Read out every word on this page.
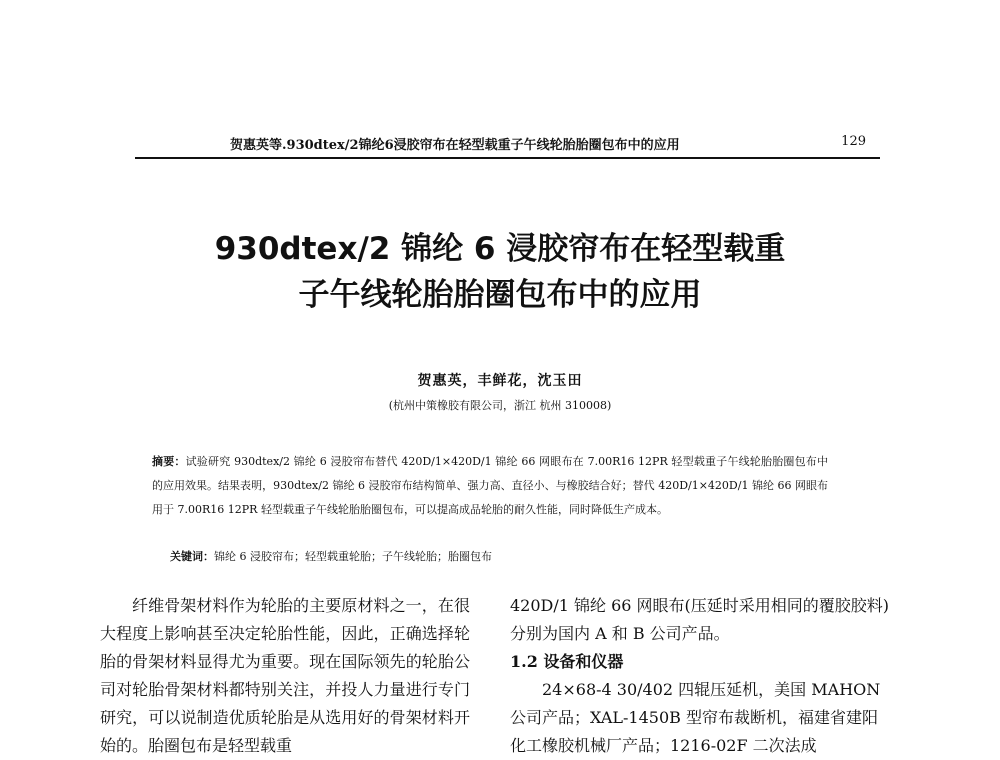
贺惠英等.930dtex/2锦纶6浸胶帘布在轻型载重子午线轮胎胎圈包布中的应用	129
930dtex/2 锦纶 6 浸胶帘布在轻型载重
子午线轮胎胎圈包布中的应用
贺惠英，丰鲜花，沈玉田
(杭州中策橡胶有限公司，浙江 杭州 310008)
摘要：试验研究 930dtex/2 锦纶 6 浸胶帘布替代 420D/1×420D/1 锦纶 66 网眼布在 7.00R16 12PR 轻型载重子午线轮胎胎圈包布中的应用效果。结果表明，930dtex/2 锦纶 6 浸胶帘布结构简单、强力高、直径小、与橡胶结合好；替代 420D/1×420D/1 锦纶 66 网眼布用于 7.00R16 12PR 轻型载重子午线轮胎胎圈包布，可以提高成品轮胎的耐久性能，同时降低生产成本。
关键词：锦纶 6 浸胶帘布；轻型载重轮胎；子午线轮胎；胎圈包布

纤维骨架材料作为轮胎的主要原材料之一，在很大程度上影响甚至决定轮胎性能，因此，正确选择轮胎的骨架材料显得尤为重要。现在国际领先的轮胎公司对轮胎骨架材料都特别关注，并投人力量进行专门研究，可以说制造优质轮胎是从选用好的骨架材料开始的。胎圈包布是轻型载重

420D/1 锦纶 66 网眼布(压延时采用相同的覆胶胶料)分别为国内 A 和 B 公司产品。

1.2 设备和仪器

24×68-4 30/402 四辊压延机，美国 MAHON 公司产品；XAL-1450B 型帘布裁断机，福建省建阳化工橡胶机械厂产品；1216-02F 二次法成
